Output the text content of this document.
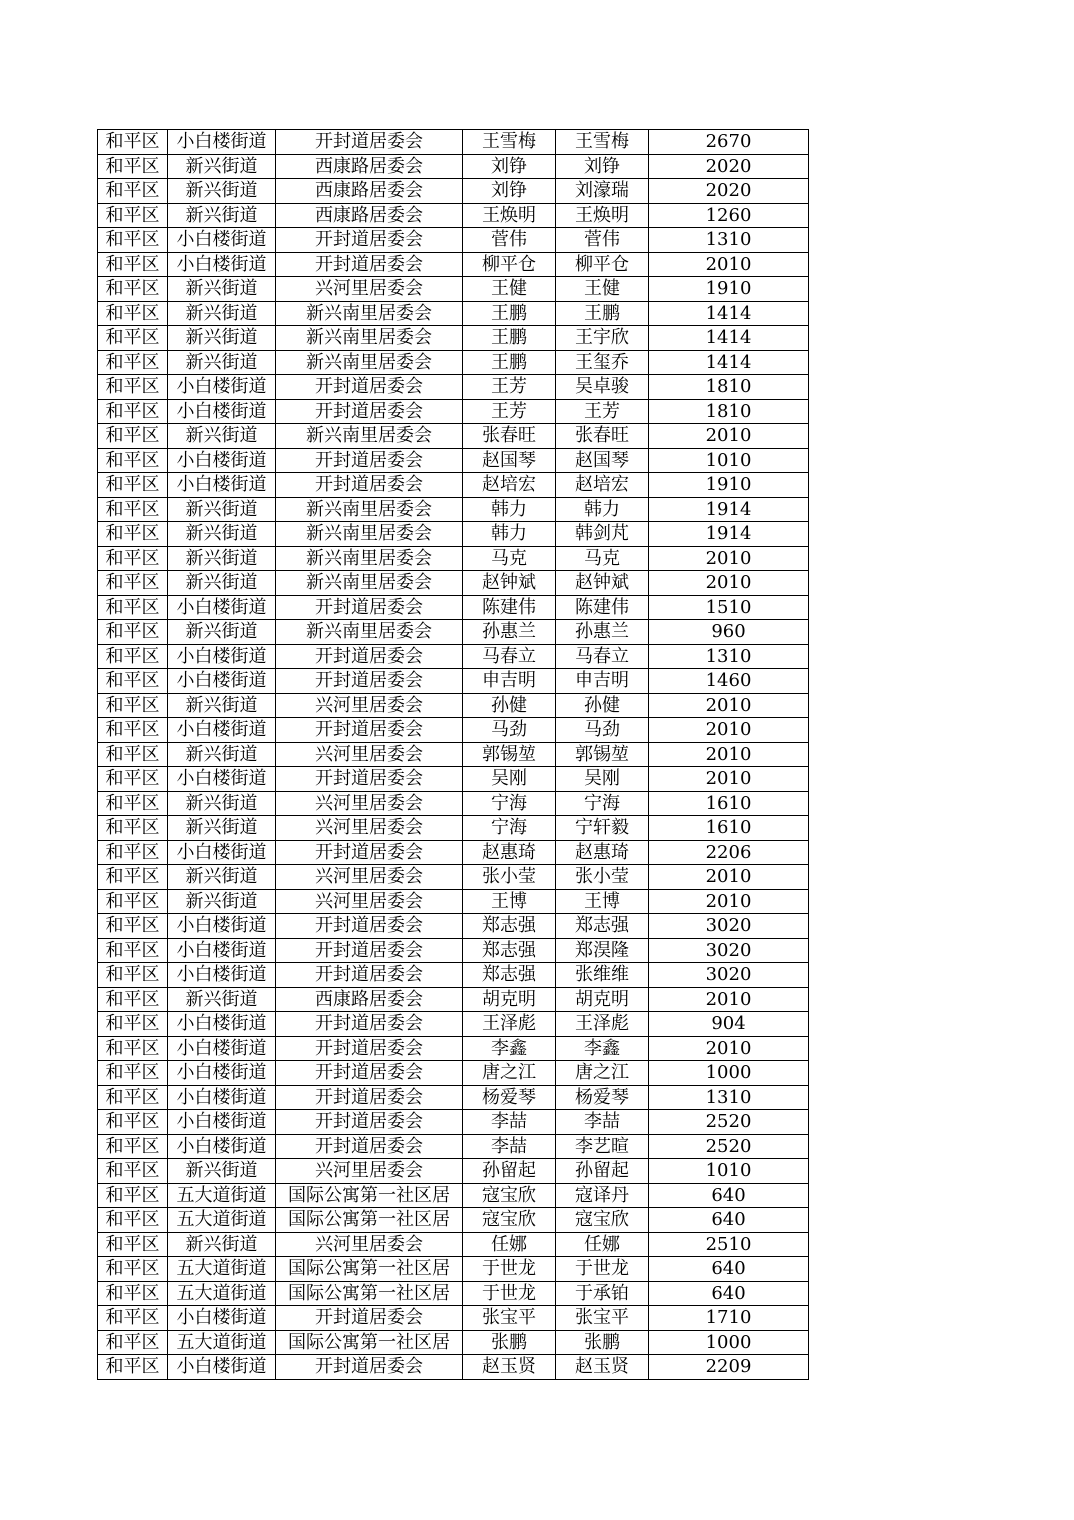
和平区	小白楼街道	开封道居委会	王雪梅	王雪梅	2670
和平区	新兴街道	西康路居委会	刘铮	刘铮	2020
和平区	新兴街道	西康路居委会	刘铮	刘濠瑞	2020
和平区	新兴街道	西康路居委会	王焕明	王焕明	1260
和平区	小白楼街道	开封道居委会	菅伟	菅伟	1310
和平区	小白楼街道	开封道居委会	柳平仓	柳平仓	2010
和平区	新兴街道	兴河里居委会	王健	王健	1910
和平区	新兴街道	新兴南里居委会	王鹏	王鹏	1414
和平区	新兴街道	新兴南里居委会	王鹏	王宇欣	1414
和平区	新兴街道	新兴南里居委会	王鹏	王玺乔	1414
和平区	小白楼街道	开封道居委会	王芳	吴卓骏	1810
和平区	小白楼街道	开封道居委会	王芳	王芳	1810
和平区	新兴街道	新兴南里居委会	张春旺	张春旺	2010
和平区	小白楼街道	开封道居委会	赵国琴	赵国琴	1010
和平区	小白楼街道	开封道居委会	赵培宏	赵培宏	1910
和平区	新兴街道	新兴南里居委会	韩力	韩力	1914
和平区	新兴街道	新兴南里居委会	韩力	韩剑芃	1914
和平区	新兴街道	新兴南里居委会	马克	马克	2010
和平区	新兴街道	新兴南里居委会	赵钟斌	赵钟斌	2010
和平区	小白楼街道	开封道居委会	陈建伟	陈建伟	1510
和平区	新兴街道	新兴南里居委会	孙惠兰	孙惠兰	960
和平区	小白楼街道	开封道居委会	马春立	马春立	1310
和平区	小白楼街道	开封道居委会	申吉明	申吉明	1460
和平区	新兴街道	兴河里居委会	孙健	孙健	2010
和平区	小白楼街道	开封道居委会	马劲	马劲	2010
和平区	新兴街道	兴河里居委会	郭锡堃	郭锡堃	2010
和平区	小白楼街道	开封道居委会	吴刚	吴刚	2010
和平区	新兴街道	兴河里居委会	宁海	宁海	1610
和平区	新兴街道	兴河里居委会	宁海	宁轩毅	1610
和平区	小白楼街道	开封道居委会	赵惠琦	赵惠琦	2206
和平区	新兴街道	兴河里居委会	张小莹	张小莹	2010
和平区	新兴街道	兴河里居委会	王博	王博	2010
和平区	小白楼街道	开封道居委会	郑志强	郑志强	3020
和平区	小白楼街道	开封道居委会	郑志强	郑淏隆	3020
和平区	小白楼街道	开封道居委会	郑志强	张维维	3020
和平区	新兴街道	西康路居委会	胡克明	胡克明	2010
和平区	小白楼街道	开封道居委会	王泽彪	王泽彪	904
和平区	小白楼街道	开封道居委会	李鑫	李鑫	2010
和平区	小白楼街道	开封道居委会	唐之江	唐之江	1000
和平区	小白楼街道	开封道居委会	杨爱琴	杨爱琴	1310
和平区	小白楼街道	开封道居委会	李喆	李喆	2520
和平区	小白楼街道	开封道居委会	李喆	李艺暄	2520
和平区	新兴街道	兴河里居委会	孙留起	孙留起	1010
和平区	五大道街道	国际公寓第一社区居	寇宝欣	寇译丹	640
和平区	五大道街道	国际公寓第一社区居	寇宝欣	寇宝欣	640
和平区	新兴街道	兴河里居委会	任娜	任娜	2510
和平区	五大道街道	国际公寓第一社区居	于世龙	于世龙	640
和平区	五大道街道	国际公寓第一社区居	于世龙	于承铂	640
和平区	小白楼街道	开封道居委会	张宝平	张宝平	1710
和平区	五大道街道	国际公寓第一社区居	张鹏	张鹏	1000
和平区	小白楼街道	开封道居委会	赵玉贤	赵玉贤	2209
